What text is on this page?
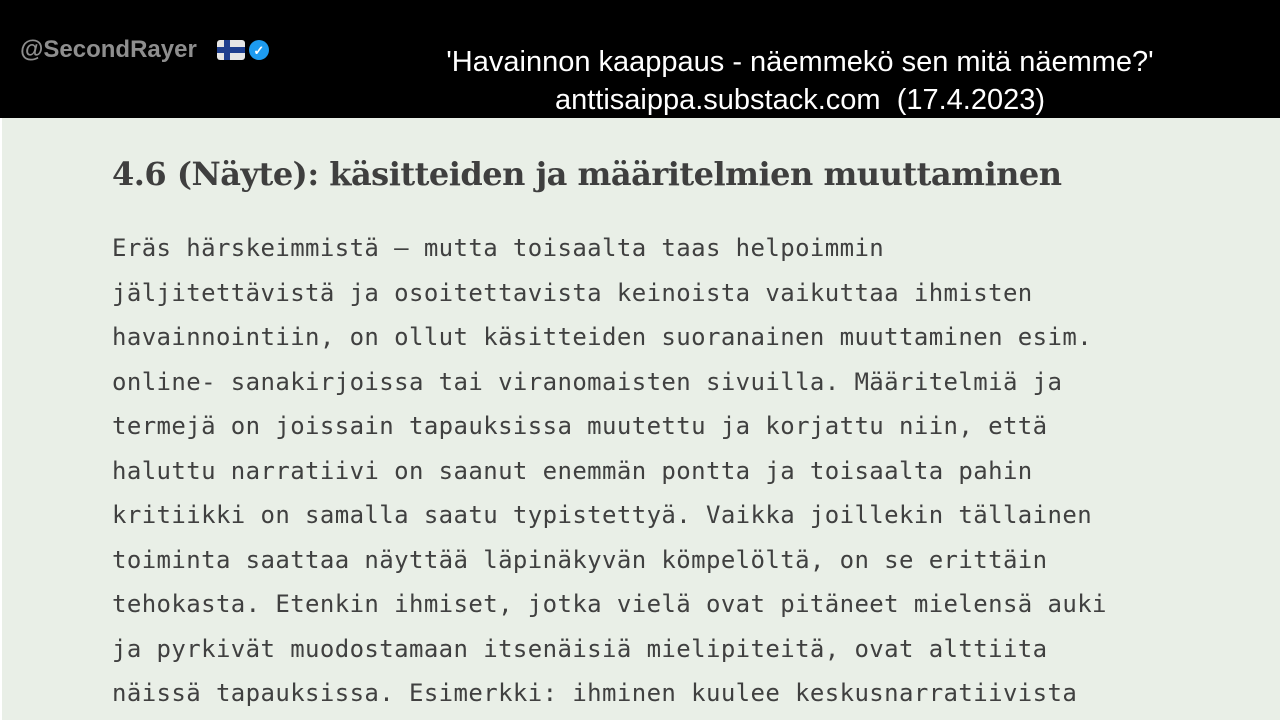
@SecondRayer	✓	'Havainnon kaappaus - näemmekö sen mitä näemme?'
anttisaippa.substack.com  (17.4.2023)
4.6 (Näyte): käsitteiden ja määritelmien muuttaminen
Eräs härskeimmistä — mutta toisaalta taas helpoimmin
jäljitettävistä ja osoitettavista keinoista vaikuttaa ihmisten
havainnointiin, on ollut käsitteiden suoranainen muuttaminen esim.
online- sanakirjoissa tai viranomaisten sivuilla. Määritelmiä ja
termejä on joissain tapauksissa muutettu ja korjattu niin, että
haluttu narratiivi on saanut enemmän pontta ja toisaalta pahin
kritiikki on samalla saatu typistettyä. Vaikka joillekin tällainen
toiminta saattaa näyttää läpinäkyvän kömpelöltä, on se erittäin
tehokasta. Etenkin ihmiset, jotka vielä ovat pitäneet mielensä auki
ja pyrkivät muodostamaan itsenäisiä mielipiteitä, ovat alttiita
näissä tapauksissa. Esimerkki: ihminen kuulee keskusnarratiivista
